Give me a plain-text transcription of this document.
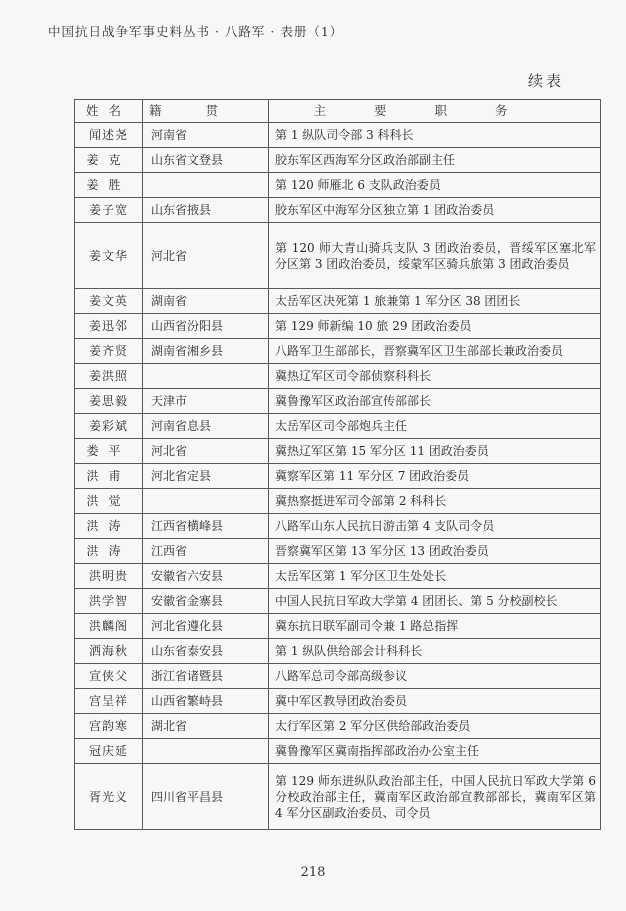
中国抗日战争军事史料丛书 · 八路军 · 表册（1）
续表
姓名	籍贯	主要职务
闻述尧	河南省	第 1 纵队司令部 3 科科长
姜克	山东省文登县	胶东军区西海军分区政治部副主任
姜胜		第 120 师雁北 6 支队政治委员
姜子宽	山东省掖县	胶东军区中海军分区独立第 1 团政治委员
姜文华	河北省	第 120 师大青山骑兵支队 3 团政治委员，晋绥军区塞北军分区第 3 团政治委员，绥蒙军区骑兵旅第 3 团政治委员
姜文英	湖南省	太岳军区决死第 1 旅兼第 1 军分区 38 团团长
姜迅邻	山西省汾阳县	第 129 师新编 10 旅 29 团政治委员
姜齐贤	湖南省湘乡县	八路军卫生部部长，晋察冀军区卫生部部长兼政治委员
姜洪照		冀热辽军区司令部侦察科科长
姜思毅	天津市	冀鲁豫军区政治部宣传部部长
姜彩斌	河南省息县	太岳军区司令部炮兵主任
娄平	河北省	冀热辽军区第 15 军分区 11 团政治委员
洪甫	河北省定县	冀察军区第 11 军分区 7 团政治委员
洪觉		冀热察挺进军司令部第 2 科科长
洪涛	江西省横峰县	八路军山东人民抗日游击第 4 支队司令员
洪涛	江西省	晋察冀军区第 13 军分区 13 团政治委员
洪明贵	安徽省六安县	太岳军区第 1 军分区卫生处处长
洪学智	安徽省金寨县	中国人民抗日军政大学第 4 团团长、第 5 分校副校长
洪麟阁	河北省遵化县	冀东抗日联军副司令兼 1 路总指挥
洒海秋	山东省泰安县	第 1 纵队供给部会计科科长
宣侠父	浙江省诸暨县	八路军总司令部高级参议
宫呈祥	山西省繁峙县	冀中军区教导团政治委员
宫韵寒	湖北省	太行军区第 2 军分区供给部政治委员
冠庆延		冀鲁豫军区冀南指挥部政治办公室主任
胥光义	四川省平昌县	第 129 师东进纵队政治部主任，中国人民抗日军政大学第 6 分校政治部主任，冀南军区政治部宣教部部长，冀南军区第 4 军分区副政治委员、司令员
218
